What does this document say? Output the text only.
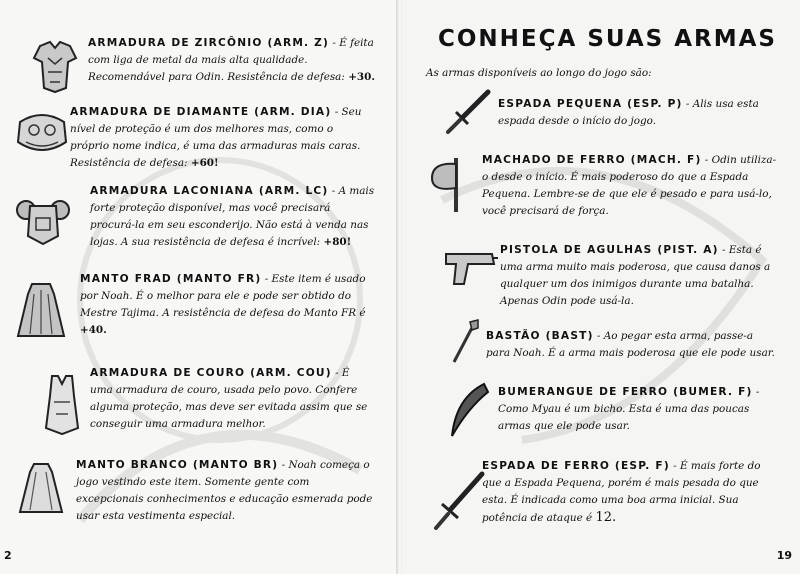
ARMADURA DE ZIRCÔNIO (ARM. Z) - É feita com liga de metal da mais alta qualidade. Recomendável para Odin. Resistência de defesa: +30.
ARMADURA DE DIAMANTE (ARM. DIA) - Seu nível de proteção é um dos melhores mas, como o próprio nome indica, é uma das armaduras mais caras. Resistência de defesa: +60!
ARMADURA LACONIANA (ARM. LC) - A mais forte proteção disponível, mas você precisará procurá-la em seu esconderijo. Não está à venda nas lojas. A sua resistência de defesa é incrível: +80!
MANTO FRAD (MANTO FR) - Este item é usado por Noah. É o melhor para ele e pode ser obtido do Mestre Tajima. A resistência de defesa do Manto FR é +40.
ARMADURA DE COURO (ARM. COU) - É uma armadura de couro, usada pelo povo. Confere alguma proteção, mas deve ser evitada assim que se conseguir uma armadura melhor.
MANTO BRANCO (MANTO BR) - Noah começa o jogo vestindo este item. Somente gente com excepcionais conhecimentos e educação esmerada pode usar esta vestimenta especial.
2
CONHEÇA SUAS ARMAS
As armas disponíveis ao longo do jogo são:
ESPADA PEQUENA (ESP. P) - Alis usa esta espada desde o início do jogo.
MACHADO DE FERRO (MACH. F) - Odin utiliza-o desde o início. É mais poderoso do que a Espada Pequena. Lembre-se de que ele é pesado e para usá-lo, você precisará de força.
PISTOLA DE AGULHAS (PIST. A) - Esta é uma arma muito mais poderosa, que causa danos a qualquer um dos inimigos durante uma batalha. Apenas Odin pode usá-la.
BASTÃO (BAST) - Ao pegar esta arma, passe-a para Noah. É a arma mais poderosa que ele pode usar.
BUMERANGUE DE FERRO (BUMER. F) - Como Myau é um bicho. Esta é uma das poucas armas que ele pode usar.
ESPADA DE FERRO (ESP. F) - É mais forte do que a Espada Pequena, porém é mais pesada do que esta. É indicada como uma boa arma inicial. Sua potência de ataque é 12.
19
